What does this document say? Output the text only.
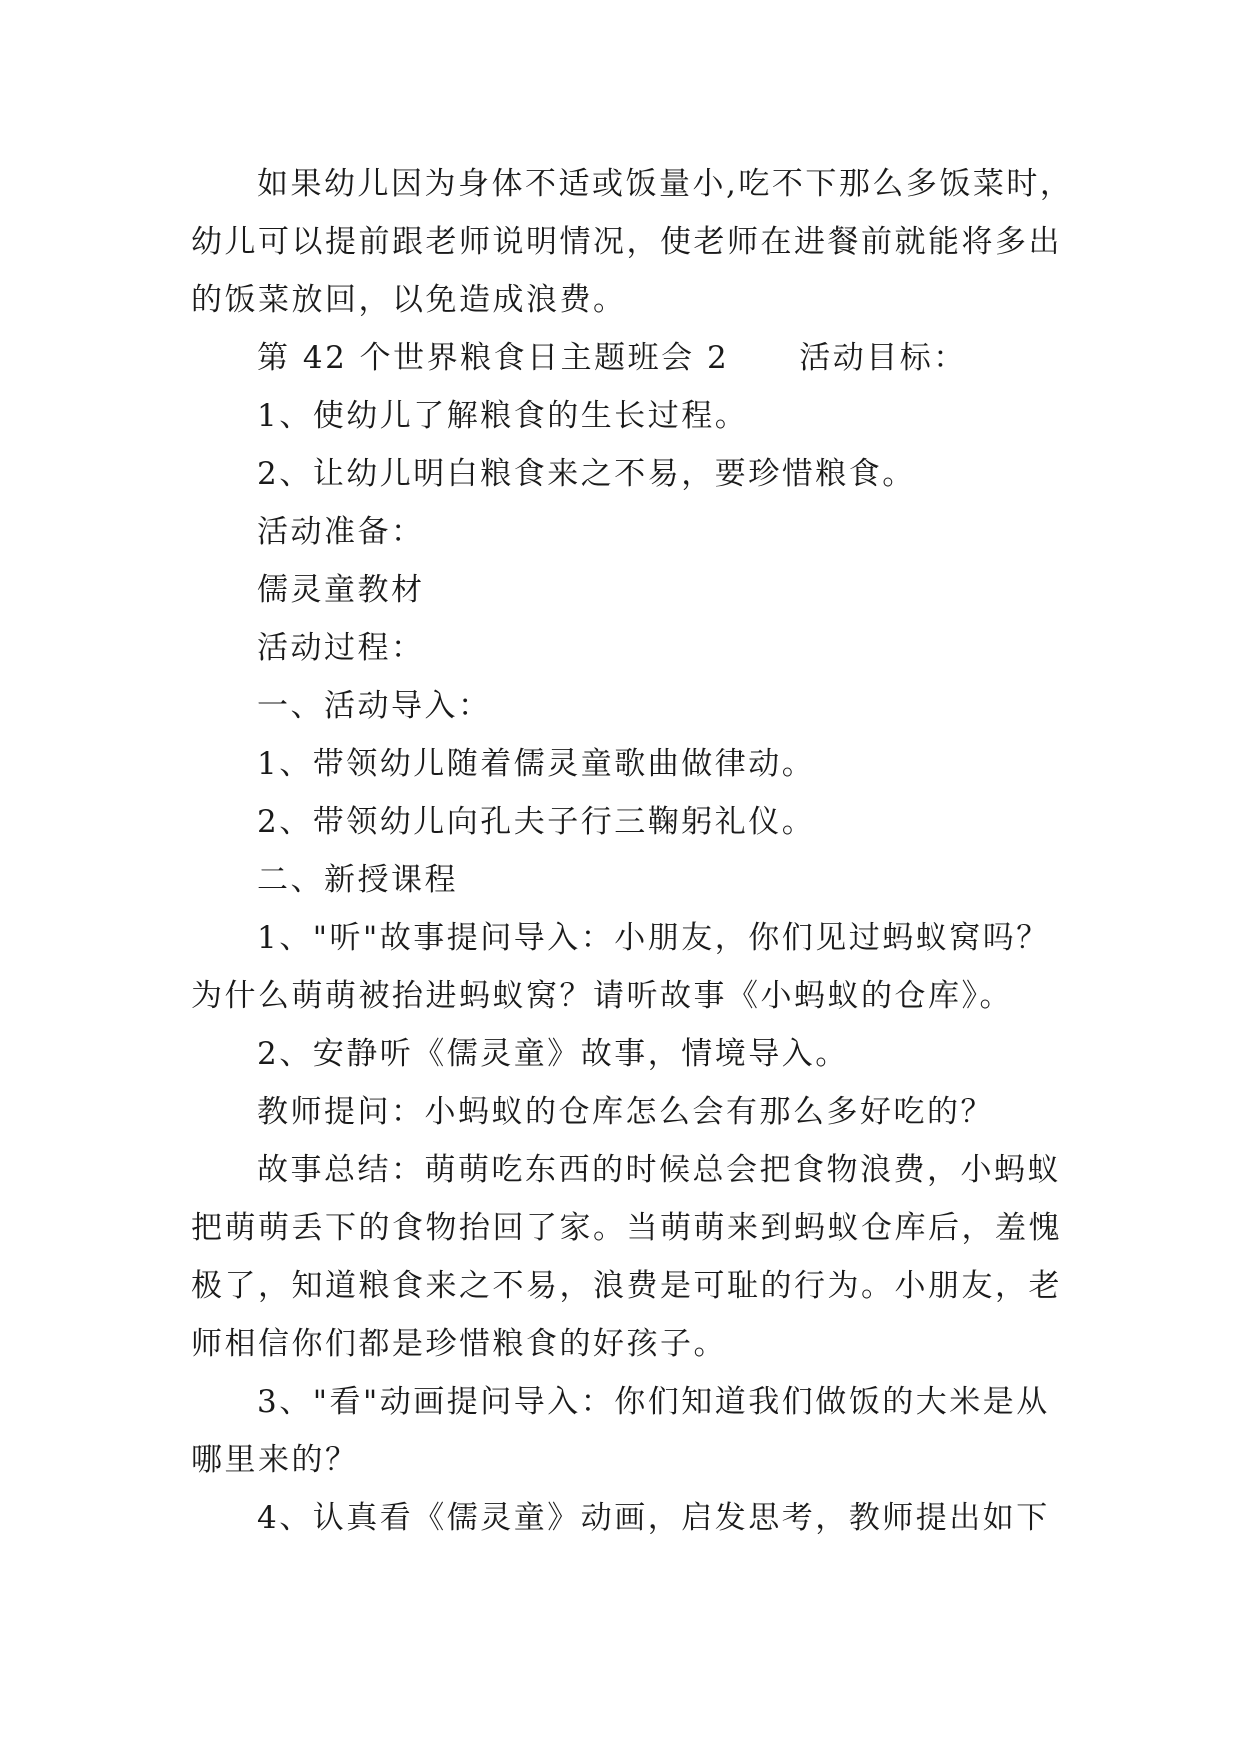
如果幼儿因为身体不适或饭量小,吃不下那么多饭菜时，
幼儿可以提前跟老师说明情况，使老师在进餐前就能将多出
的饭菜放回，以免造成浪费。
第 42 个世界粮食日主题班会 2 活动目标：
1、使幼儿了解粮食的生长过程。
2、让幼儿明白粮食来之不易，要珍惜粮食。
活动准备：
儒灵童教材
活动过程：
一、活动导入：
1、带领幼儿随着儒灵童歌曲做律动。
2、带领幼儿向孔夫子行三鞠躬礼仪。
二、新授课程
1、"听"故事提问导入：小朋友，你们见过蚂蚁窝吗？
为什么萌萌被抬进蚂蚁窝？请听故事《小蚂蚁的仓库》。
2、安静听《儒灵童》故事，情境导入。
教师提问：小蚂蚁的仓库怎么会有那么多好吃的？
故事总结：萌萌吃东西的时候总会把食物浪费，小蚂蚁
把萌萌丢下的食物抬回了家。当萌萌来到蚂蚁仓库后，羞愧
极了，知道粮食来之不易，浪费是可耻的行为。小朋友，老
师相信你们都是珍惜粮食的好孩子。
3、"看"动画提问导入：你们知道我们做饭的大米是从
哪里来的？
4、认真看《儒灵童》动画，启发思考，教师提出如下
